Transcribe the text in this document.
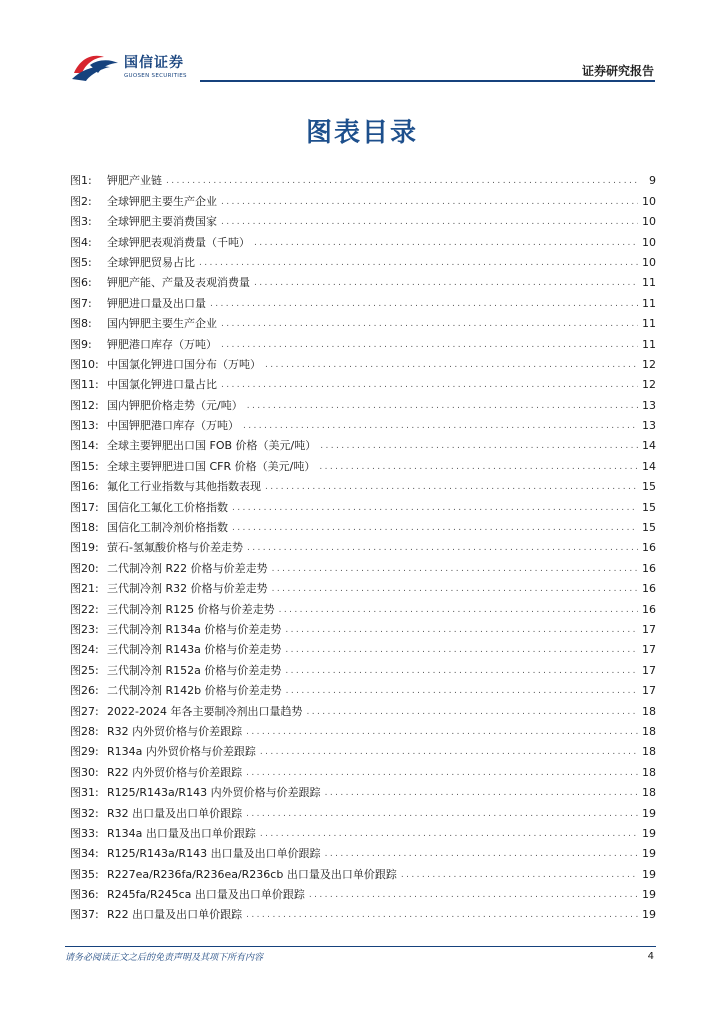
国信证券
GUOSEN SECURITIES	证券研究报告
图表目录
图1: 钾肥产业链 .....	9
图2: 全球钾肥主要生产企业 .....	10
图3: 全球钾肥主要消费国家 .....	10
图4: 全球钾肥表观消费量（千吨） .....	10
图5: 全球钾肥贸易占比 .....	10
图6: 钾肥产能、产量及表观消费量 .....	11
图7: 钾肥进口量及出口量 .....	11
图8: 国内钾肥主要生产企业 .....	11
图9: 钾肥港口库存（万吨） .....	11
图10: 中国氯化钾进口国分布（万吨） .....	12
图11: 中国氯化钾进口量占比 .....	12
图12: 国内钾肥价格走势（元/吨） .....	13
图13: 中国钾肥港口库存（万吨） .....	13
图14: 全球主要钾肥出口国 FOB 价格（美元/吨） .....	14
图15: 全球主要钾肥进口国 CFR 价格（美元/吨） .....	14
图16: 氟化工行业指数与其他指数表现 .....	15
图17: 国信化工氟化工价格指数 .....	15
图18: 国信化工制冷剂价格指数 .....	15
图19: 萤石-氢氟酸价格与价差走势 .....	16
图20: 二代制冷剂 R22 价格与价差走势 .....	16
图21: 三代制冷剂 R32 价格与价差走势 .....	16
图22: 三代制冷剂 R125 价格与价差走势 .....	16
图23: 三代制冷剂 R134a 价格与价差走势 .....	17
图24: 三代制冷剂 R143a 价格与价差走势 .....	17
图25: 三代制冷剂 R152a 价格与价差走势 .....	17
图26: 二代制冷剂 R142b 价格与价差走势 .....	17
图27: 2022-2024 年各主要制冷剂出口量趋势 .....	18
图28: R32 内外贸价格与价差跟踪 .....	18
图29: R134a 内外贸价格与价差跟踪 .....	18
图30: R22 内外贸价格与价差跟踪 .....	18
图31: R125/R143a/R143 内外贸价格与价差跟踪 .....	18
图32: R32 出口量及出口单价跟踪 .....	19
图33: R134a 出口量及出口单价跟踪 .....	19
图34: R125/R143a/R143 出口量及出口单价跟踪 .....	19
图35: R227ea/R236fa/R236ea/R236cb 出口量及出口单价跟踪 .....	19
图36: R245fa/R245ca 出口量及出口单价跟踪 .....	19
图37: R22 出口量及出口单价跟踪 .....	19
请务必阅读正文之后的免责声明及其项下所有内容	4
